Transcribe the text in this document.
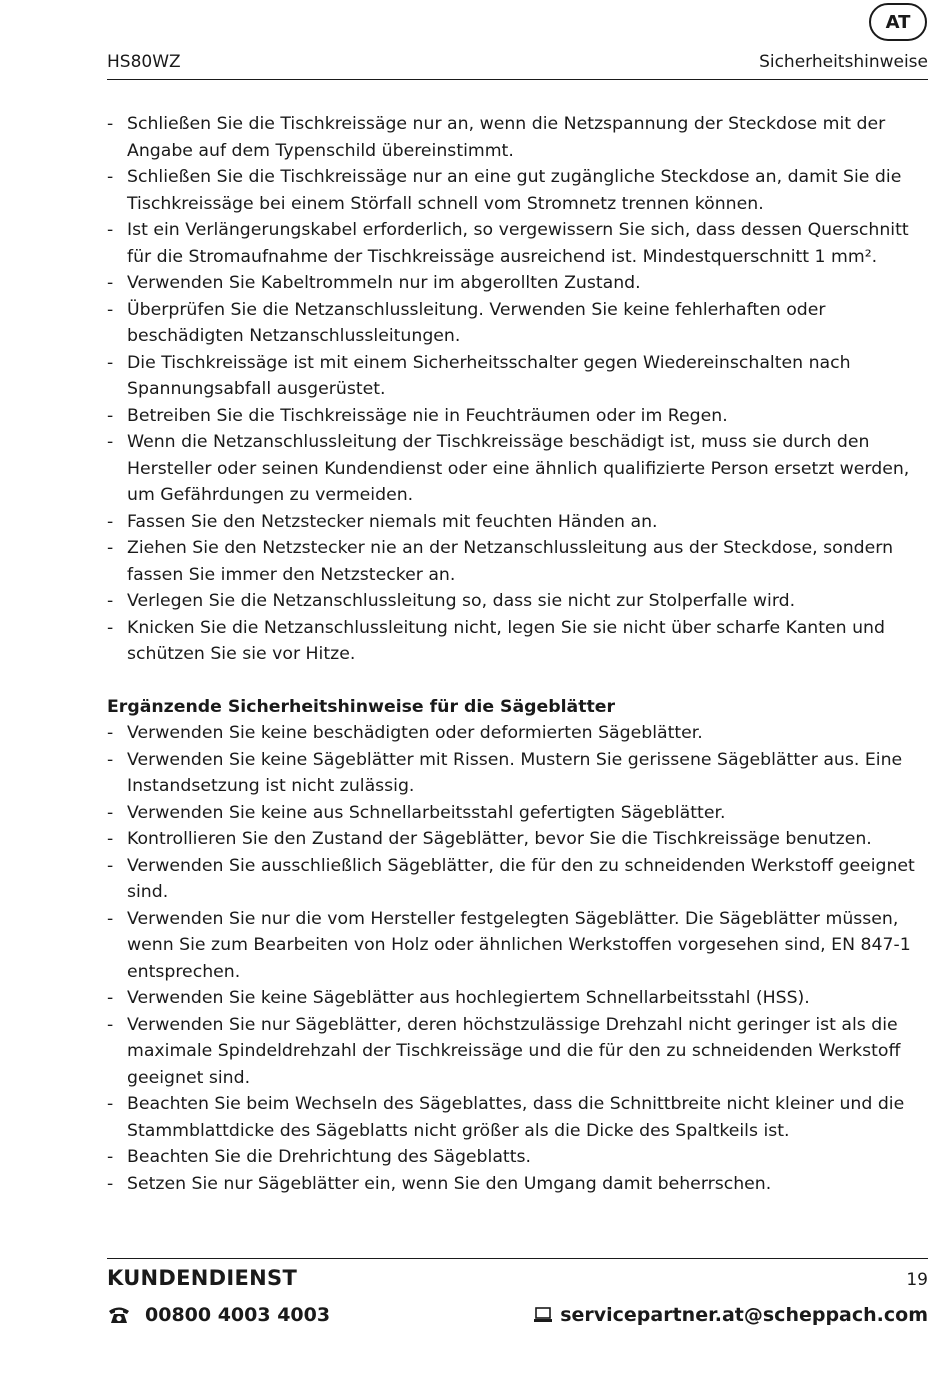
AT
HS80WZ	Sicherheitshinweise
- Schließen Sie die Tischkreissäge nur an, wenn die Netzspannung der Steckdose mit der Angabe auf dem Typenschild übereinstimmt.
- Schließen Sie die Tischkreissäge nur an eine gut zugängliche Steckdose an, damit Sie die Tischkreissäge bei einem Störfall schnell vom Stromnetz trennen können.
- Ist ein Verlängerungskabel erforderlich, so vergewissern Sie sich, dass dessen Querschnitt für die Stromaufnahme der Tischkreissäge ausreichend ist. Mindestquerschnitt 1 mm².
- Verwenden Sie Kabeltrommeln nur im abgerollten Zustand.
- Überprüfen Sie die Netzanschlussleitung. Verwenden Sie keine fehlerhaften oder beschädigten Netzanschlussleitungen.
- Die Tischkreissäge ist mit einem Sicherheitsschalter gegen Wiedereinschalten nach Spannungsabfall ausgerüstet.
- Betreiben Sie die Tischkreissäge nie in Feuchträumen oder im Regen.
- Wenn die Netzanschlussleitung der Tischkreissäge beschädigt ist, muss sie durch den Hersteller oder seinen Kundendienst oder eine ähnlich qualifizierte Person ersetzt werden, um Gefährdungen zu vermeiden.
- Fassen Sie den Netzstecker niemals mit feuchten Händen an.
- Ziehen Sie den Netzstecker nie an der Netzanschlussleitung aus der Steckdose, sondern fassen Sie immer den Netzstecker an.
- Verlegen Sie die Netzanschlussleitung so, dass sie nicht zur Stolperfalle wird.
- Knicken Sie die Netzanschlussleitung nicht, legen Sie sie nicht über scharfe Kanten und schützen Sie sie vor Hitze.
Ergänzende Sicherheitshinweise für die Sägeblätter
- Verwenden Sie keine beschädigten oder deformierten Sägeblätter.
- Verwenden Sie keine Sägeblätter mit Rissen. Mustern Sie gerissene Sägeblätter aus. Eine Instandsetzung ist nicht zulässig.
- Verwenden Sie keine aus Schnellarbeitsstahl gefertigten Sägeblätter.
- Kontrollieren Sie den Zustand der Sägeblätter, bevor Sie die Tischkreissäge benutzen.
- Verwenden Sie ausschließlich Sägeblätter, die für den zu schneidenden Werkstoff geeignet sind.
- Verwenden Sie nur die vom Hersteller festgelegten Sägeblätter. Die Sägeblätter müssen, wenn Sie zum Bearbeiten von Holz oder ähnlichen Werkstoffen vorgesehen sind, EN 847-1 entsprechen.
- Verwenden Sie keine Sägeblätter aus hochlegiertem Schnellarbeitsstahl (HSS).
- Verwenden Sie nur Sägeblätter, deren höchstzulässige Drehzahl nicht geringer ist als die maximale Spindeldrehzahl der Tischkreissäge und die für den zu schneidenden Werkstoff geeignet sind.
- Beachten Sie beim Wechseln des Sägeblattes, dass die Schnittbreite nicht kleiner und die Stammblattdicke des Sägeblatts nicht größer als die Dicke des Spaltkeils ist.
- Beachten Sie die Drehrichtung des Sägeblatts.
- Setzen Sie nur Sägeblätter ein, wenn Sie den Umgang damit beherrschen.
KUNDENDIENST	19
00800 4003 4003	servicepartner.at@scheppach.com
